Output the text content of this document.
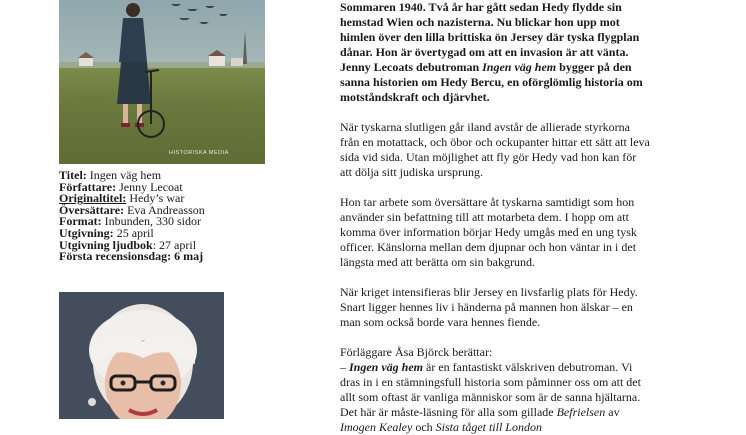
HISTORISKA MEDIA
Titel: Ingen väg hem
Författare: Jenny Lecoat
Originaltitel: Hedy’s war
Översättare: Eva Andreasson
Format: Inbunden, 330 sidor
Utgivning: 25 april
Utgivning ljudbok: 27 april
Första recensionsdag: 6 maj

Sommaren 1940. Två år har gått sedan Hedy flydde sin hemstad Wien och nazisterna. Nu blickar hon upp mot himlen över den lilla brittiska ön Jersey där tyska flygplan dånar. Hon är övertygad om att en invasion är att vänta. Jenny Lecoats debutroman Ingen väg hem bygger på den sanna historien om Hedy Bercu, en oförglömlig historia om motståndskraft och djärvhet.

När tyskarna slutligen går iland avstår de allierade styrkorna från en motattack, och öbor och ockupanter hittar ett sätt att leva sida vid sida. Utan möjlighet att fly gör Hedy vad hon kan för att dölja sitt judiska ursprung.

Hon tar arbete som översättare åt tyskarna samtidigt som hon använder sin befattning till att motarbeta dem. I hopp om att komma över information börjar Hedy umgås med en ung tysk officer. Känslorna mellan dem djupnar och hon väntar in i det längsta med att berätta om sin bakgrund.

När kriget intensifieras blir Jersey en livsfarlig plats för Hedy. Snart ligger hennes liv i händerna på mannen hon älskar – en man som också borde vara hennes fiende.

Förläggare Åsa Björck berättar:

– Ingen väg hem är en fantastiskt välskriven debutroman. Vi dras in i en stämningsfull historia som påminner oss om att det allt som oftast är vanliga människor som är de sanna hjältarna. Det här är måste-läsning för alla som gillade Befrielsen av Imogen Kealey och Sista tåget till London
